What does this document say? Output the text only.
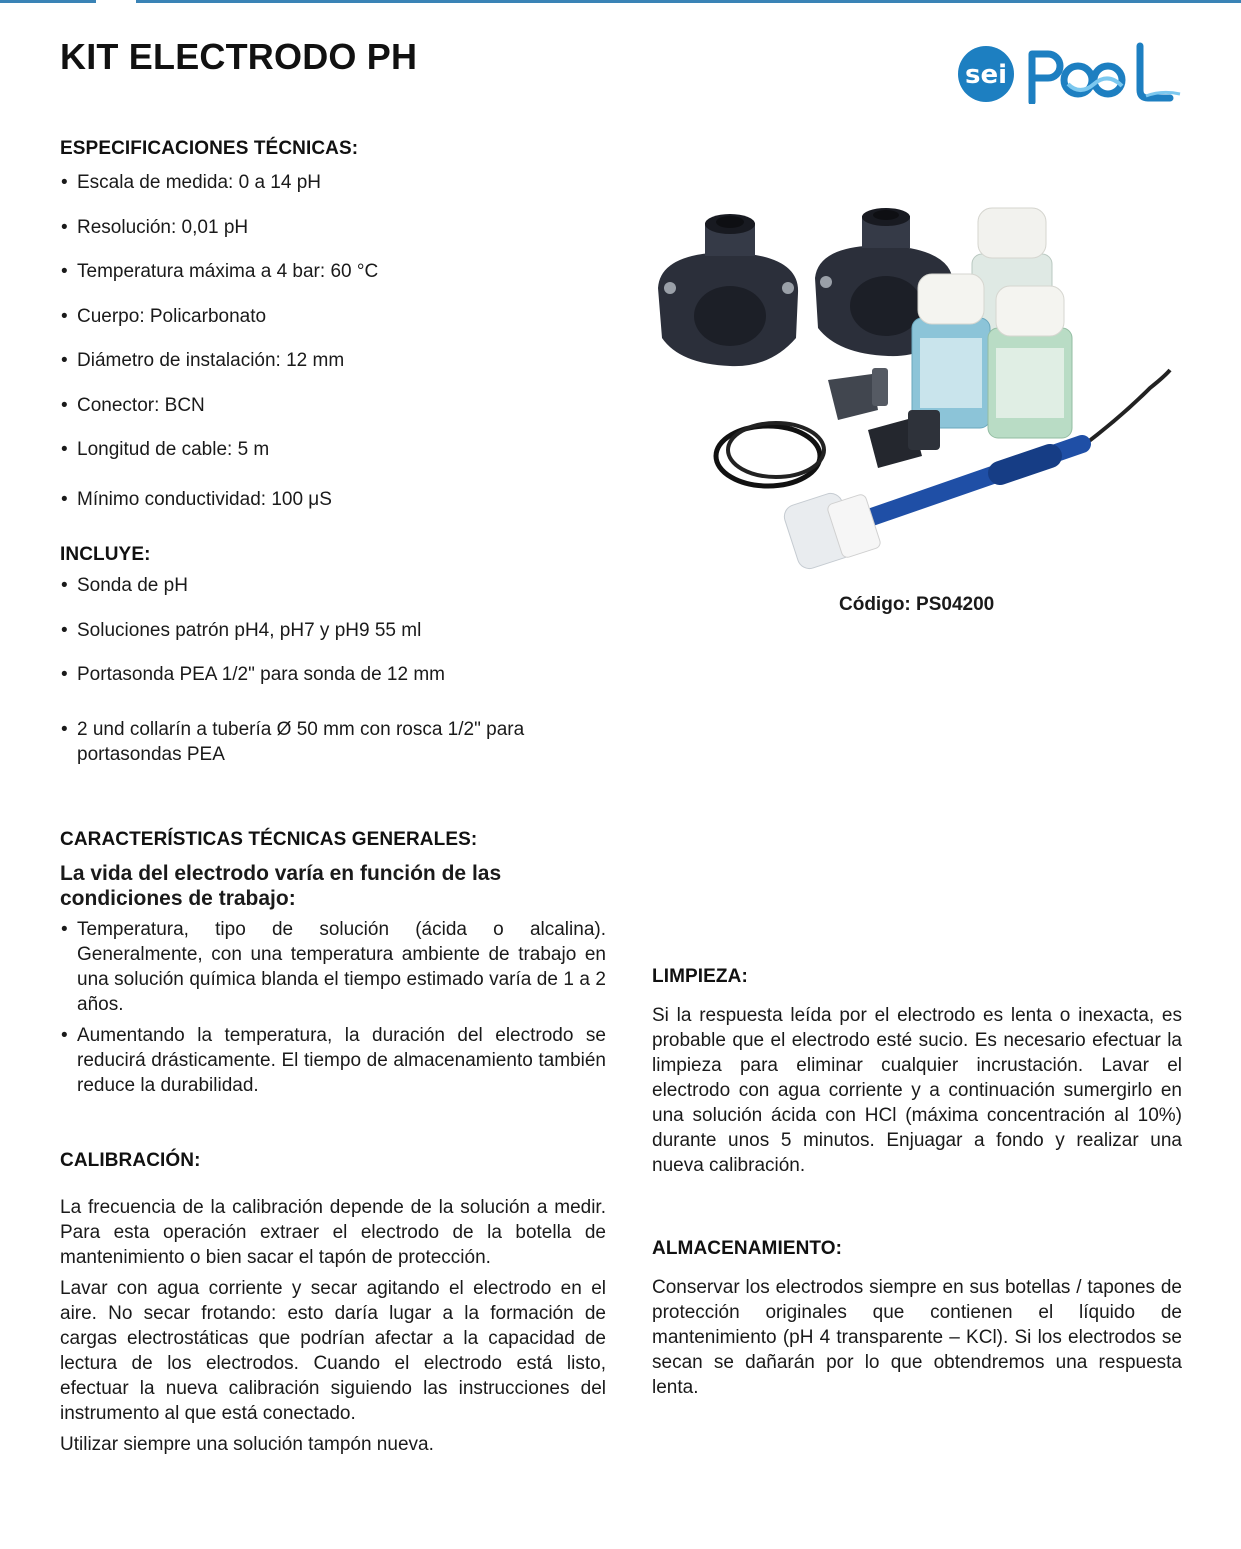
KIT ELECTRODO PH	sei
ESPECIFICACIONES TÉCNICAS:
• Escala de medida: 0 a 14 pH
• Resolución: 0,01 pH
• Temperatura máxima a 4 bar: 60 °C
• Cuerpo: Policarbonato
• Diámetro de instalación: 12 mm
• Conector: BCN
• Longitud de cable: 5 m
• Mínimo conductividad: 100 μS
INCLUYE:
• Sonda de pH
• Soluciones patrón pH4, pH7 y pH9 55 ml
• Portasonda PEA 1/2" para sonda de 12 mm
• 2 und collarín a tubería Ø 50 mm con rosca 1/2" para portasondas PEA
CARACTERÍSTICAS TÉCNICAS GENERALES:

La vida del electrodo varía en función de las condiciones de trabajo:

• Temperatura, tipo de solución (ácida o alcalina). Generalmente, con una temperatura ambiente de trabajo en una solución química blanda el tiempo estimado varía de 1 a 2 años.
• Aumentando la temperatura, la duración del electrodo se reducirá drásticamente. El tiempo de almacenamiento también reduce la durabilidad.
CALIBRACIÓN:

La frecuencia de la calibración depende de la solución a medir. Para esta operación extraer el electrodo de la botella de mantenimiento o bien sacar el tapón de protección.

Lavar con agua corriente y secar agitando el electrodo en el aire. No secar frotando: esto daría lugar a la formación de cargas electrostáticas que podrían afectar a la capacidad de lectura de los electrodos. Cuando el electrodo está listo, efectuar la nueva calibración siguiendo las instrucciones del instrumento al que está conectado.

Utilizar siempre una solución tampón nueva.

Código: PS04200

LIMPIEZA:

Si la respuesta leída por el electrodo es lenta o inexacta, es probable que el electrodo esté sucio. Es necesario efectuar la limpieza para eliminar cualquier incrustación. Lavar el electrodo con agua corriente y a continuación sumergirlo en una solución ácida con HCl (máxima concentración al 10%) durante unos 5 minutos. Enjuagar a fondo y realizar una nueva calibración.

ALMACENAMIENTO:

Conservar los electrodos siempre en sus botellas / tapones de protección originales que contienen el líquido de mantenimiento (pH 4 transparente – KCl). Si los electrodos se secan se dañarán por lo que obtendremos una respuesta lenta.
